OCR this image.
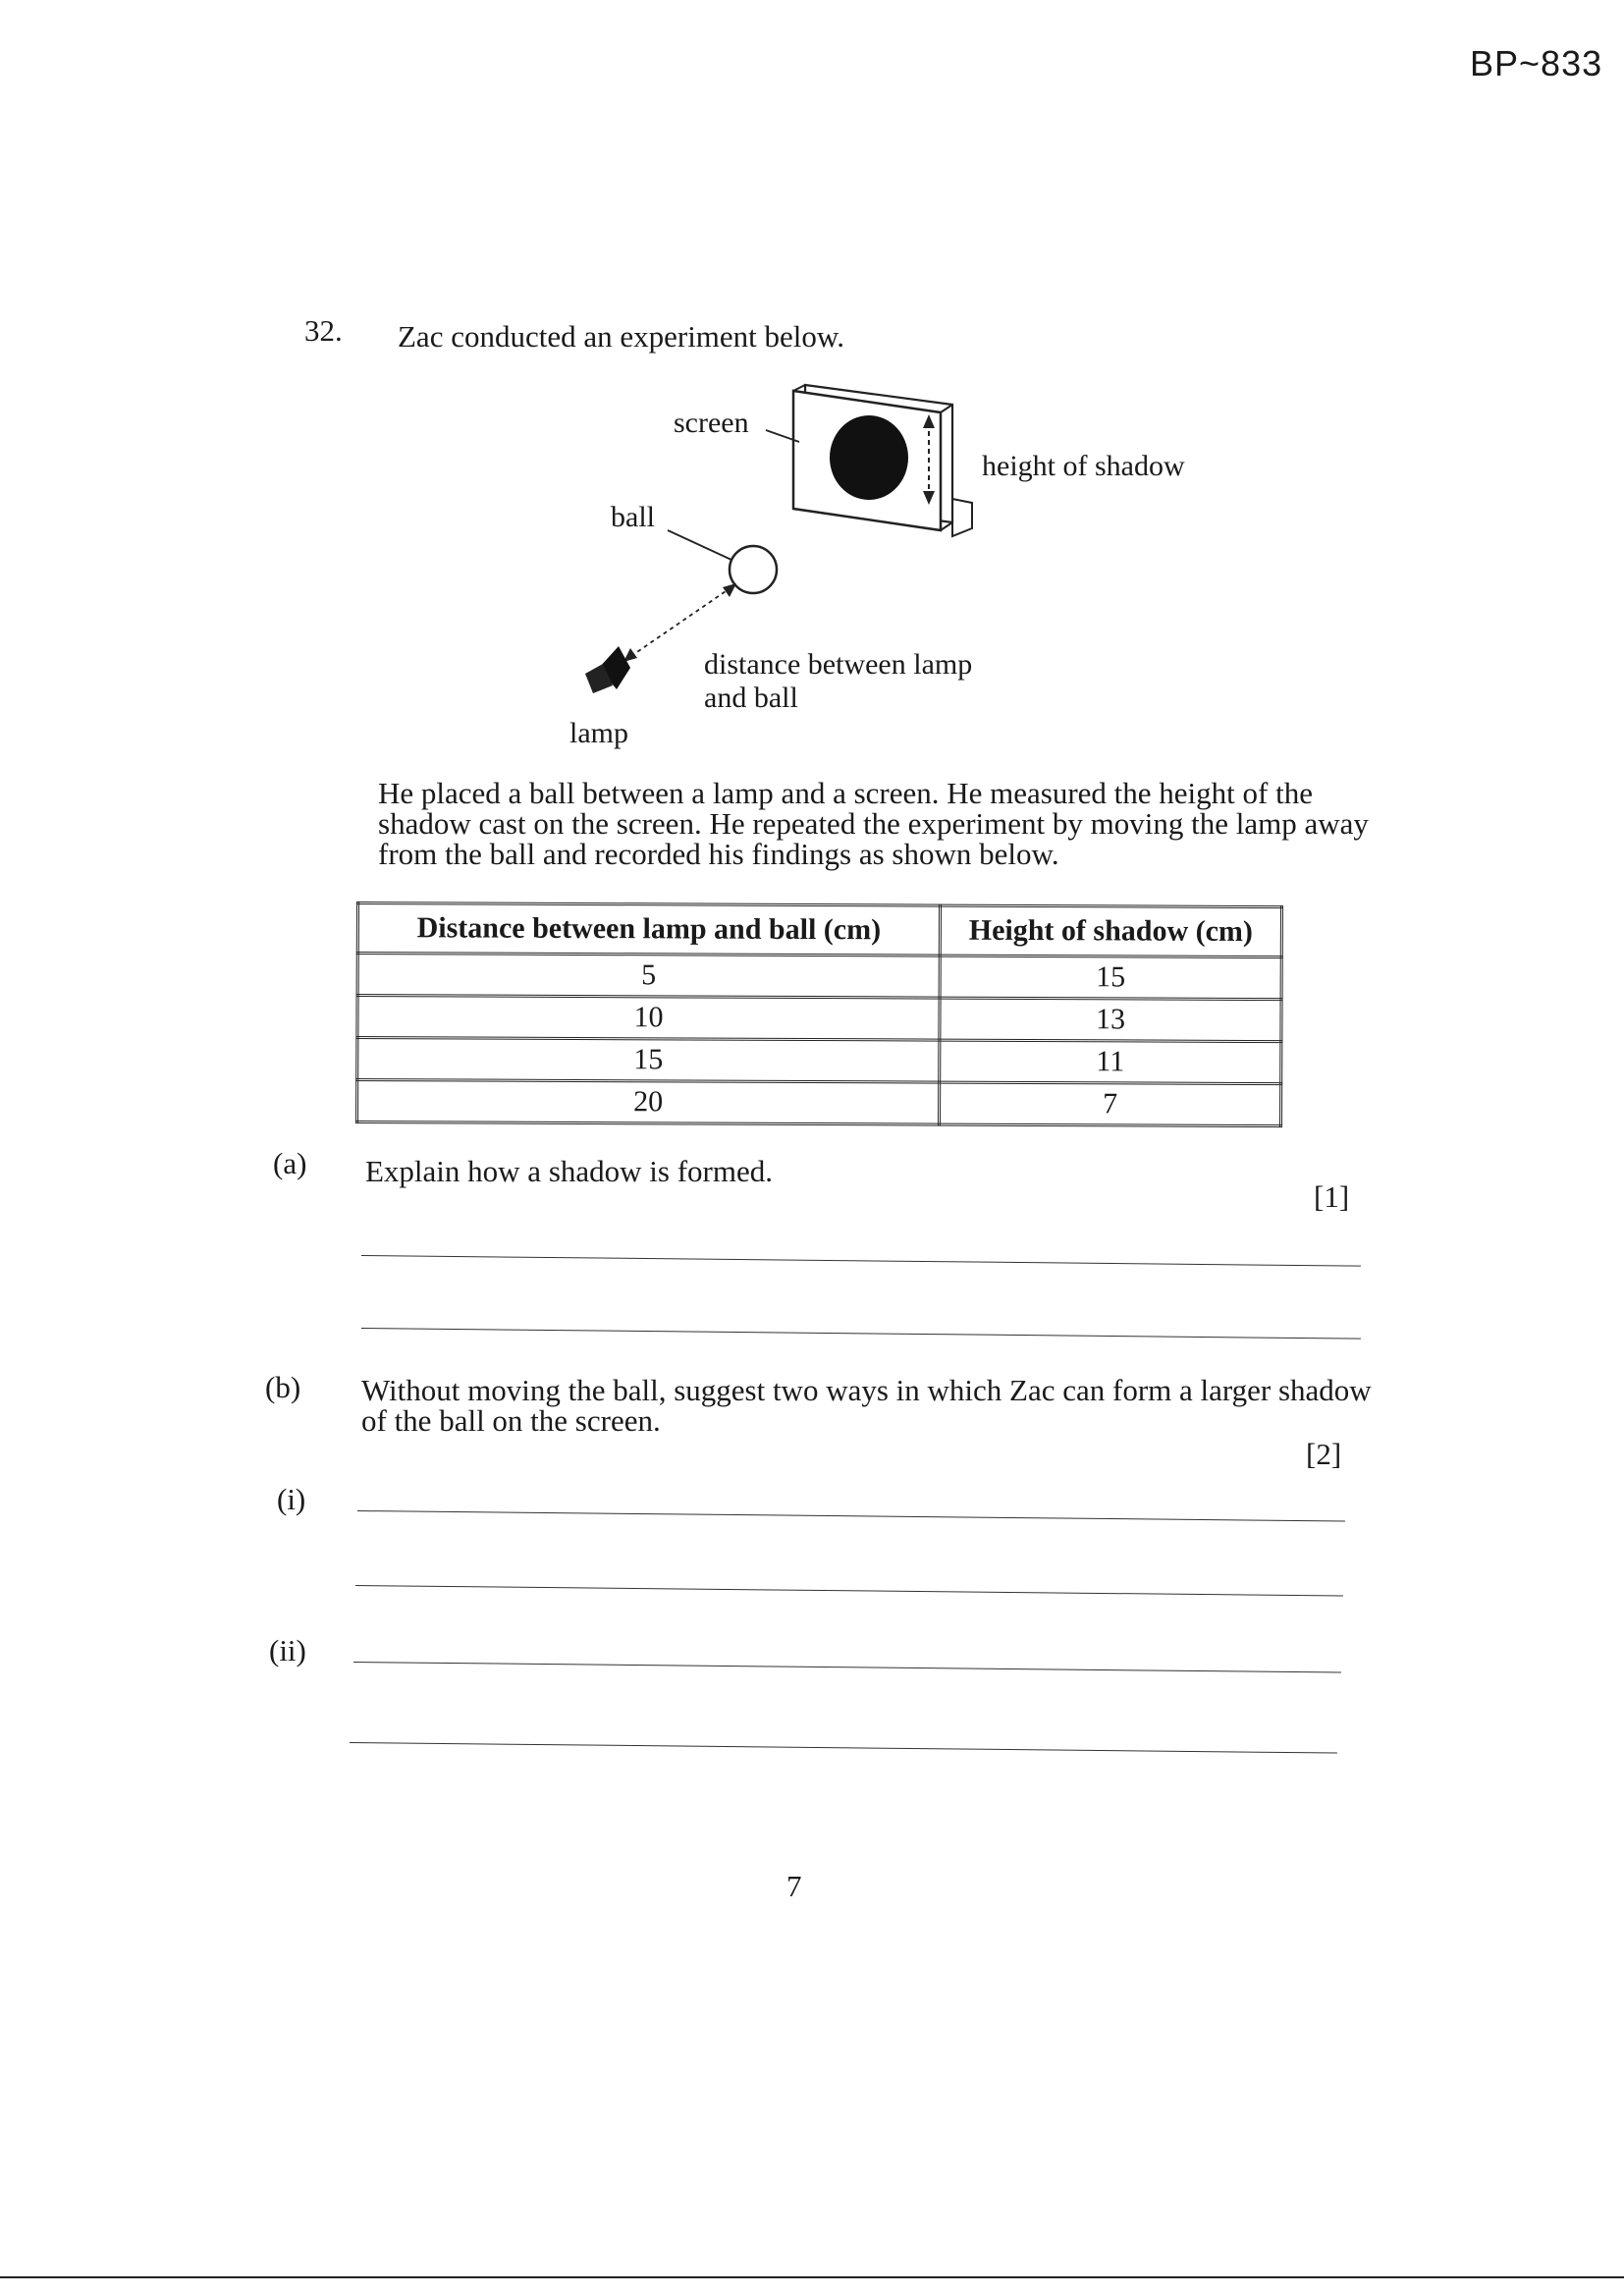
BP~833
32. Zac conducted an experiment below.
screen
height of shadow
ball
distance between lamp
and ball
lamp
He placed a ball between a lamp and a screen. He measured the height of the shadow cast on the screen. He repeated the experiment by moving the lamp away from the ball and recorded his findings as shown below.
Distance between lamp and ball (cm)	Height of shadow (cm)
5	15
10	13
15	11
20	7
(a) Explain how a shadow is formed.
[1]
(b) Without moving the ball, suggest two ways in which Zac can form a larger shadow of the ball on the screen.
[2]
(i)
(ii)
7
